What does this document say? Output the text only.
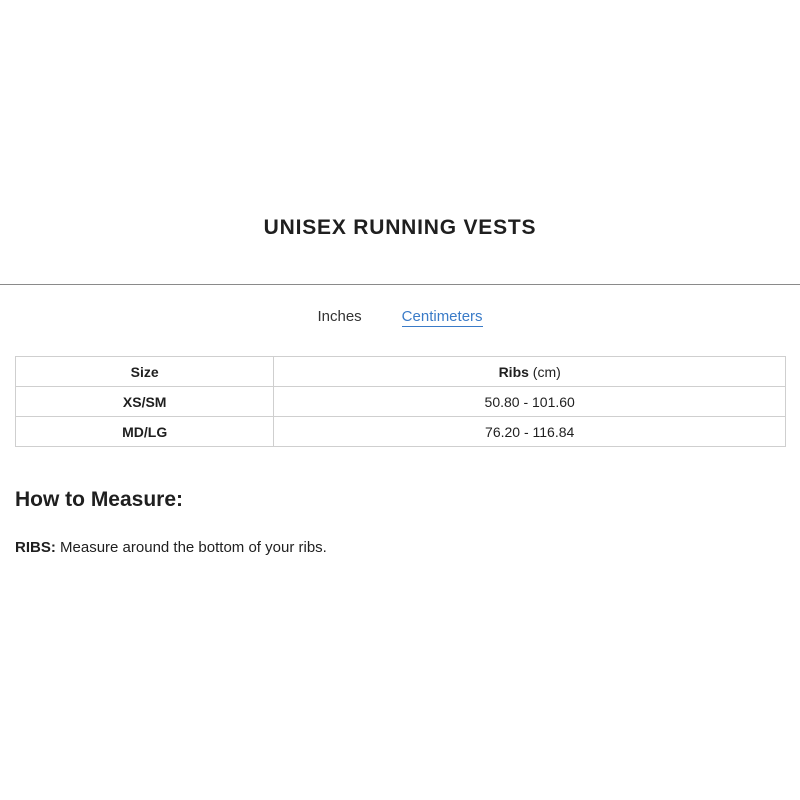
UNISEX RUNNING VESTS
Inches	Centimeters
Size	Ribs (cm)
XS/SM	50.80 - 101.60
MD/LG	76.20 - 116.84
How to Measure:

RIBS: Measure around the bottom of your ribs.
